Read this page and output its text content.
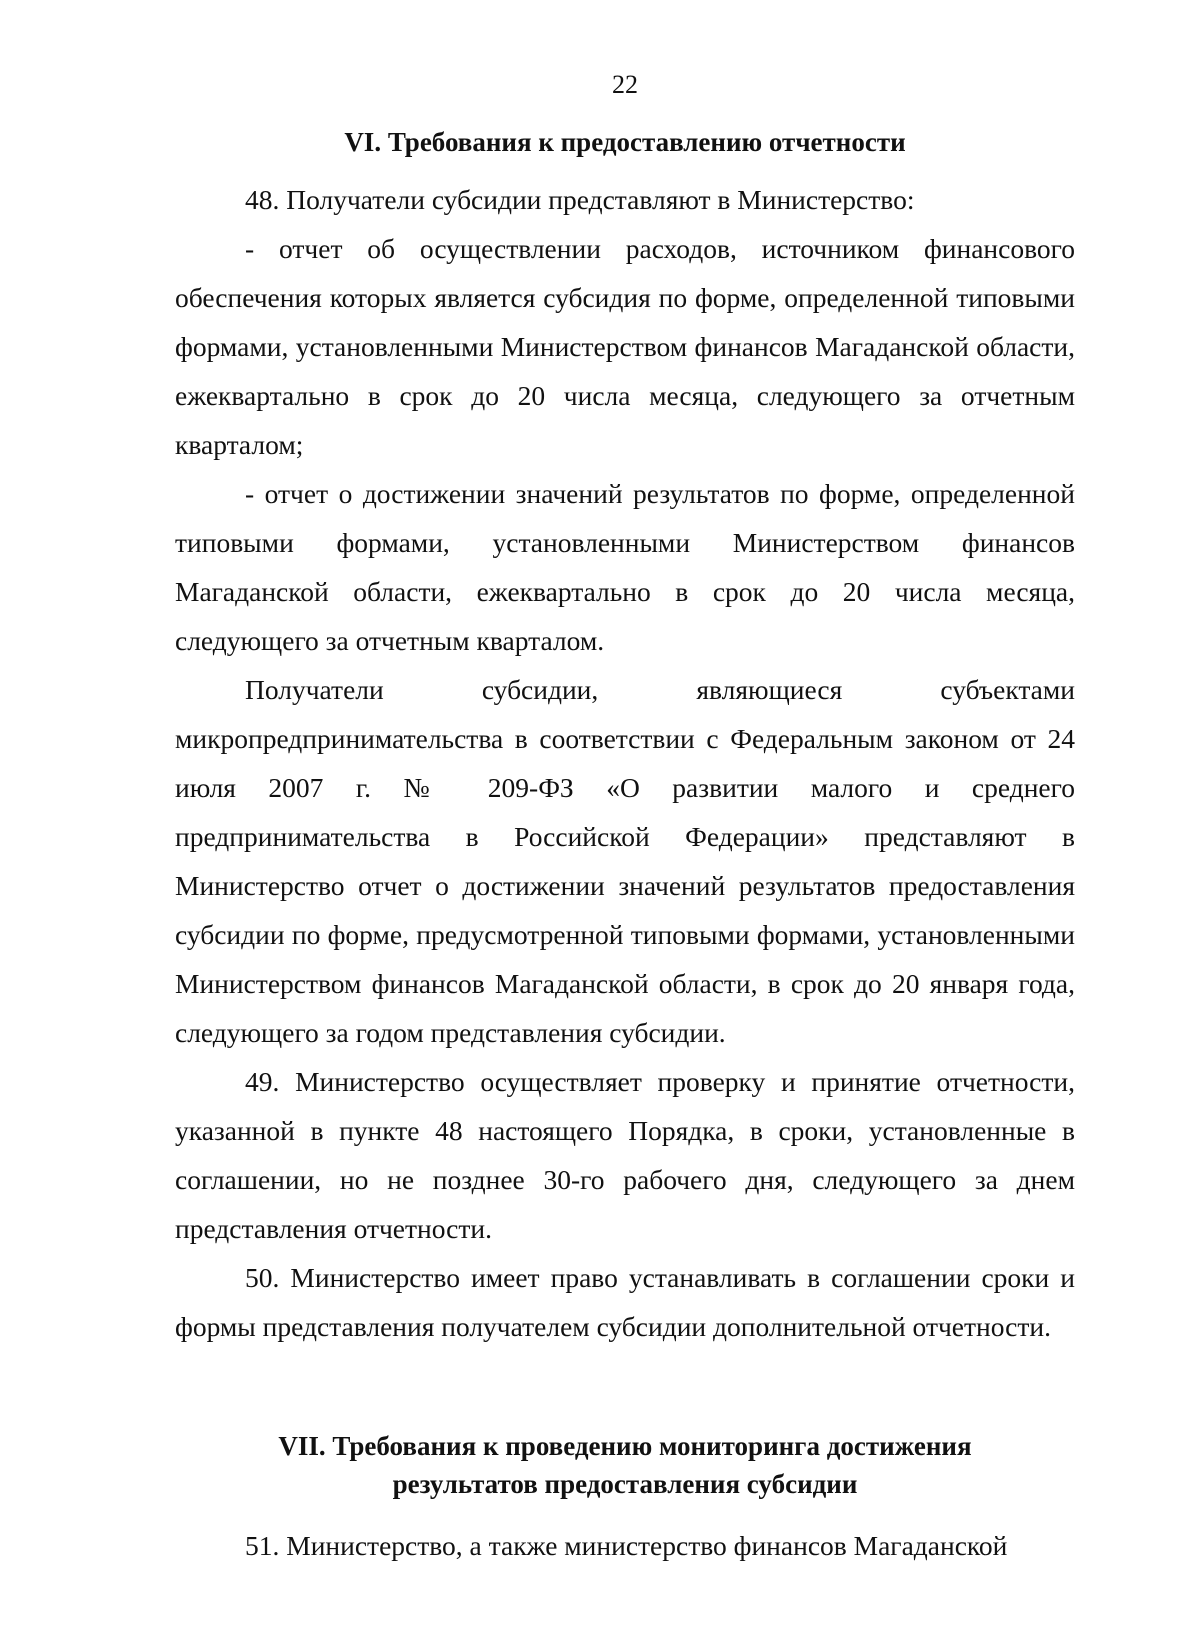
22
VI. Требования к предоставлению отчетности

48. Получатели субсидии представляют в Министерство:

- отчет об осуществлении расходов, источником финансового обеспечения которых является субсидия по форме, определенной типовыми формами, установленными Министерством финансов Магаданской области, ежеквартально в срок до 20 числа месяца, следующего за отчетным кварталом;

- отчет о достижении значений результатов по форме, определенной типовыми формами, установленными Министерством финансов Магаданской области, ежеквартально в срок до 20 числа месяца, следующего за отчетным кварталом.

Получатели субсидии, являющиеся субъектами микропредпринимательства в соответствии с Федеральным законом от 24 июля 2007 г. № 209-ФЗ «О развитии малого и среднего предпринимательства в Российской Федерации» представляют в Министерство отчет о достижении значений результатов предоставления субсидии по форме, предусмотренной типовыми формами, установленными Министерством финансов Магаданской области, в срок до 20 января года, следующего за годом представления субсидии.

49. Министерство осуществляет проверку и принятие отчетности, указанной в пункте 48 настоящего Порядка, в сроки, установленные в соглашении, но не позднее 30-го рабочего дня, следующего за днем представления отчетности.

50. Министерство имеет право устанавливать в соглашении сроки и формы представления получателем субсидии дополнительной отчетности.

VII. Требования к проведению мониторинга достижения
результатов предоставления субсидии

51. Министерство, а также министерство финансов Магаданской
